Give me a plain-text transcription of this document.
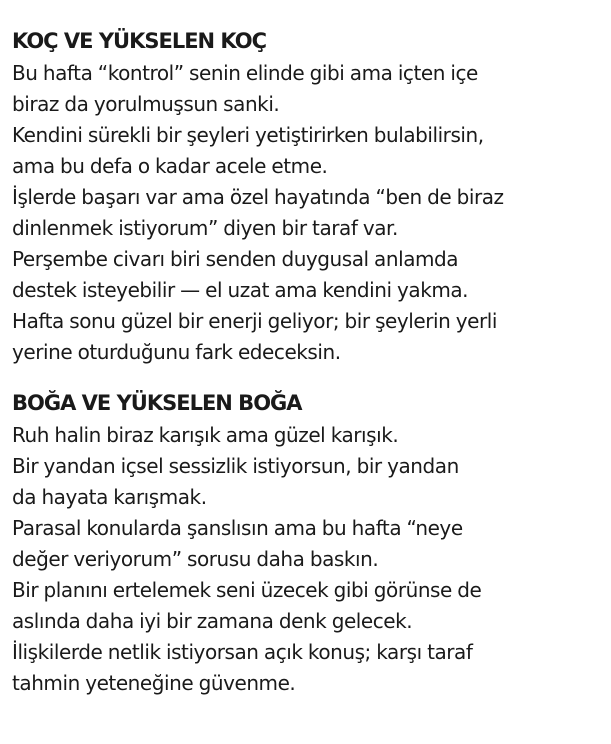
KOÇ VE YÜKSELEN KOÇ

Bu hafta “kontrol” senin elinde gibi ama içten içe

biraz da yorulmuşsun sanki.

Kendini sürekli bir şeyleri yetiştirirken bulabilirsin,

ama bu defa o kadar acele etme.

İşlerde başarı var ama özel hayatında “ben de biraz

dinlenmek istiyorum” diyen bir taraf var.

Perşembe civarı biri senden duygusal anlamda

destek isteyebilir — el uzat ama kendini yakma.

Hafta sonu güzel bir enerji geliyor; bir şeylerin yerli

yerine oturduğunu fark edeceksin.

BOĞA VE YÜKSELEN BOĞA

Ruh halin biraz karışık ama güzel karışık.

Bir yandan içsel sessizlik istiyorsun, bir yandan

da hayata karışmak.

Parasal konularda şanslısın ama bu hafta “neye

değer veriyorum” sorusu daha baskın.

Bir planını ertelemek seni üzecek gibi görünse de

aslında daha iyi bir zamana denk gelecek.

İlişkilerde netlik istiyorsan açık konuş; karşı taraf

tahmin yeteneğine güvenme.
